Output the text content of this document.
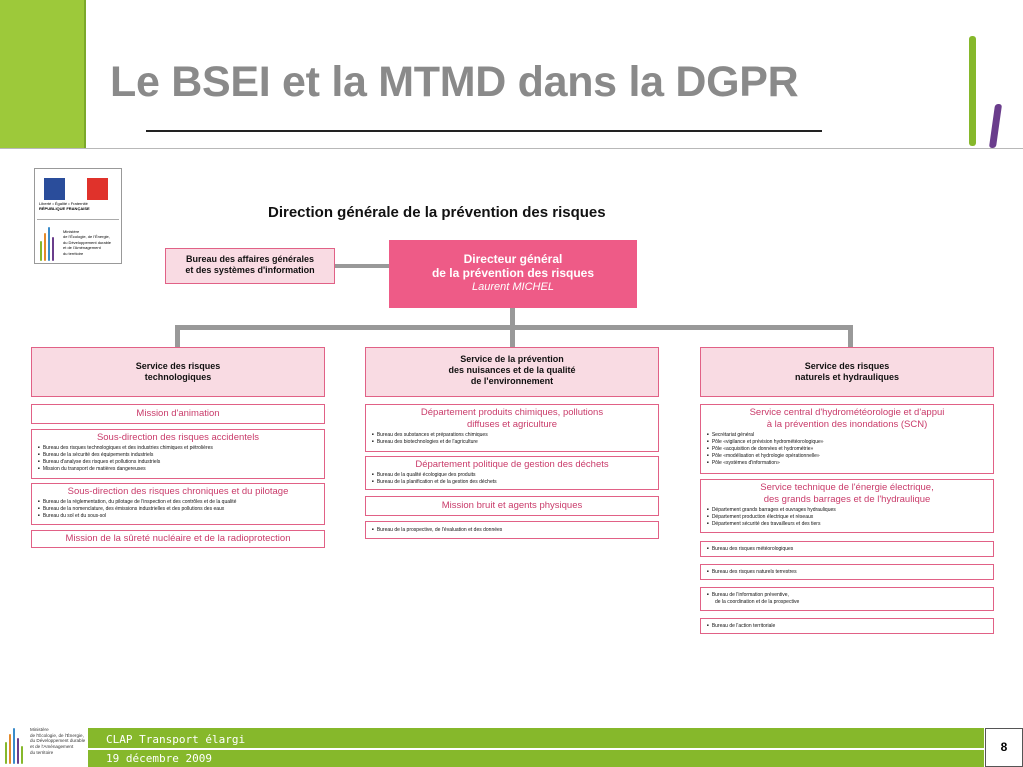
Le BSEI et la MTMD dans la DGPR
Liberté • Égalité • Fraternité
RÉPUBLIQUE FRANÇAISE
Ministère
de l'Écologie, de l'Énergie,
du Développement durable
et de l'Aménagement
du territoire
Direction générale de la prévention des risques
Bureau des affaires générales
et des systèmes d'information
Directeur général
de la prévention des risques
Laurent MICHEL
Service des risques
technologiques
Mission d'animation
Sous-direction des risques accidentels
■ Bureau des risques technologiques et des industries chimiques et pétrolières
■ Bureau de la sécurité des équipements industriels
■ Bureau d'analyse des risques et pollutions industriels
■ Mission du transport de matières dangereuses
Sous-direction des risques chroniques et du pilotage
■ Bureau de la réglementation, du pilotage de l'inspection et des contrôles et de la qualité
■ Bureau de la nomenclature, des émissions industrielles et des pollutions des eaux
■ Bureau du sol et du sous-sol
Mission de la sûreté nucléaire et de la radioprotection
Service de la prévention
des nuisances et de la qualité
de l'environnement
Département produits chimiques, pollutions
diffuses et agriculture
■ Bureau des substances et préparations chimiques
■ Bureau des biotechnologies et de l'agriculture
Département politique de gestion des déchets
■ Bureau de la qualité écologique des produits
■ Bureau de la planification et de la gestion des déchets
Mission bruit et agents physiques
■ Bureau de la prospective, de l'évaluation et des données
Service des risques
naturels et hydrauliques
Service central d'hydrométéorologie et d'appui
à la prévention des inondations (SCN)
■ Secrétariat général
■ Pôle «vigilance et prévision hydrométéorologique»
■ Pôle «acquisition de données et hydrométrie»
■ Pôle «modélisation et hydrologie opérationnelle»
■ Pôle «systèmes d'information»
Service technique de l'énergie électrique,
des grands barrages et de l'hydraulique
■ Département grands barrages et ouvrages hydrauliques
■ Département production électrique et réseaux
■ Département sécurité des travailleurs et des tiers
■ Bureau des risques météorologiques
■ Bureau des risques naturels terrestres
■ Bureau de l'information préventive,
de la coordination et de la prospective
■ Bureau de l'action territoriale
Ministère
de l'Écologie, de l'Énergie,
du Développement durable
et de l'Aménagement
du territoire
CLAP Transport élargi
19 décembre 2009
8
